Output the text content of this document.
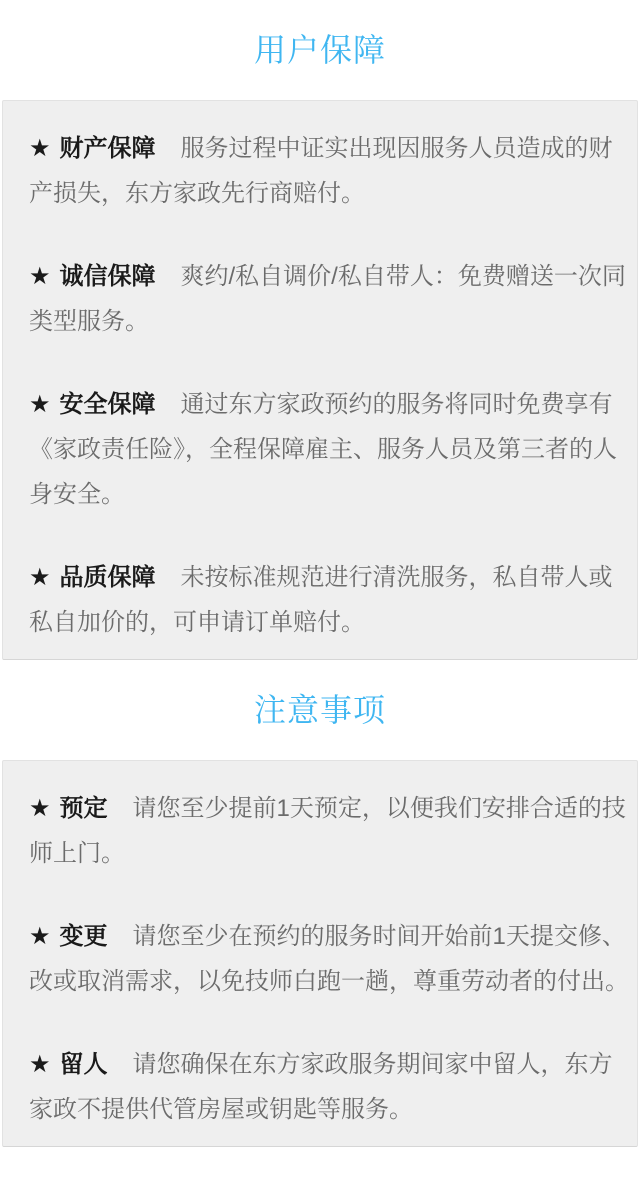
用户保障

★ 财产保障 服务过程中证实出现因服务人员造成的财产损失，东方家政先行商赔付。

★ 诚信保障 爽约/私自调价/私自带人：免费赠送一次同类型服务。

★ 安全保障 通过东方家政预约的服务将同时免费享有《家政责任险》，全程保障雇主、服务人员及第三者的人身安全。

★ 品质保障 未按标准规范进行清洗服务，私自带人或私自加价的，可申请订单赔付。

注意事项

★ 预定 请您至少提前1天预定，以便我们安排合适的技师上门。

★ 变更 请您至少在预约的服务时间开始前1天提交修、改或取消需求，以免技师白跑一趟，尊重劳动者的付出。

★ 留人 请您确保在东方家政服务期间家中留人，东方家政不提供代管房屋或钥匙等服务。
